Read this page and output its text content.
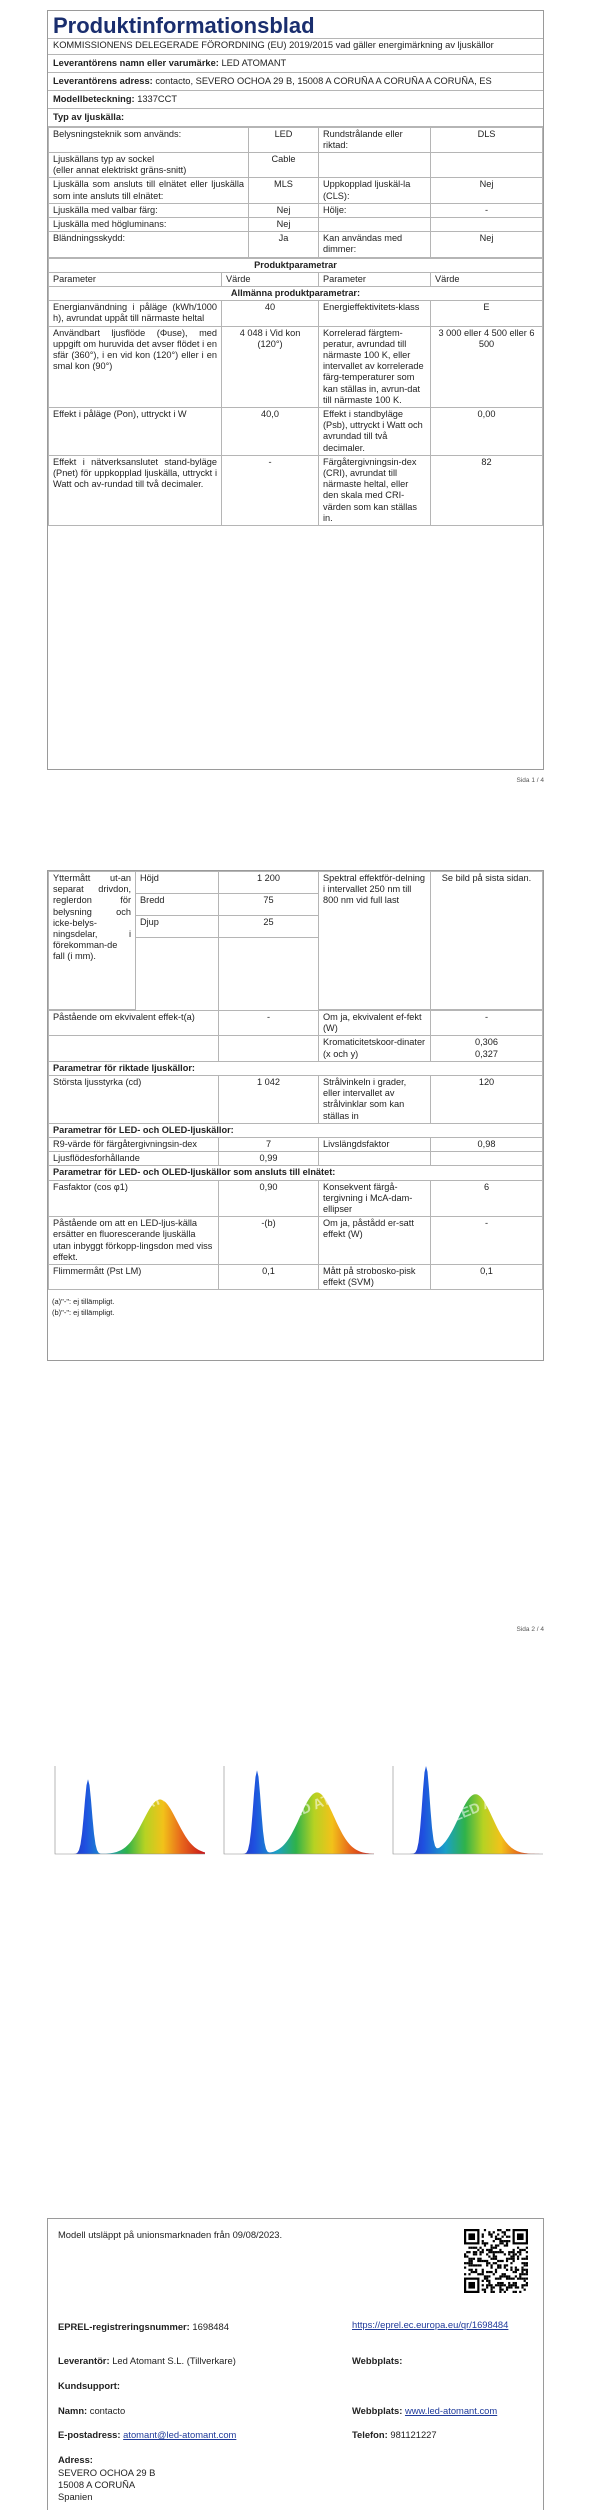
Produktinformationsblad
KOMMISSIONENS DELEGERADE FÖRORDNING (EU) 2019/2015 vad gäller energimärkning av ljuskällor
Leverantörens namn eller varumärke: LED ATOMANT
Leverantörens adress: contacto, SEVERO OCHOA 29 B, 15008 A CORUÑA A CORUÑA A CORUÑA, ES
Modellbeteckning: 1337CCT
Typ av ljuskälla:
Belysningsteknik som används:	LED	Rundstrålande eller riktad:	DLS
Ljuskällans typ av sockel
(eller annat elektriskt gräns-snitt)	Cable		
Ljuskälla som ansluts till elnätet eller ljuskälla som inte ansluts till elnätet:	MLS	Uppkopplad ljuskäl-la (CLS):	Nej
Ljuskälla med valbar färg:	Nej	Hölje:	-
Ljuskälla med högluminans:	Nej		
Bländningsskydd:	Ja	Kan användas med dimmer:	Nej
Produktparametrar			
Parameter	Värde	Parameter	Värde
Allmänna produktparametrar:			
Energianvändning i påläge (kWh/1000 h), avrundat uppåt till närmaste heltal	40	Energieffektivitets-klass	E
Användbart ljusflöde (Φuse), med uppgift om huruvida det avser flödet i en sfär (360°), i en vid kon (120°) eller i en smal kon (90°)	4 048 i Vid kon (120°)	Korrelerad färgtem-peratur, avrundad till närmaste 100 K, eller intervallet av korrelerade färg-temperaturer som kan ställas in, avrun-dat till närmaste 100 K.	3 000 eller 4 500 eller 6 500
Effekt i påläge (Pon), uttryckt i W	40,0	Effekt i standbyläge (Psb), uttryckt i Watt och avrundad till två decimaler.	0,00
Effekt i nätverksanslutet stand-byläge (Pnet) för uppkopplad ljuskälla, uttryckt i Watt och av-rundad till två decimaler.	-	Färgåtergivningsin-dex (CRI), avrundat till närmaste heltal, eller den skala med CRI-värden som kan ställas in.	82
Sida 1 / 4
Yttermått ut-an separat drivdon, reglerdon för belysning och icke-belys-ningsdelar, i förekomman-de fall (i mm).	Höjd	1 200	Spektral effektför-delning i intervallet 250 nm till 800 nm vid full last	Se bild på sista sidan.
	Bredd	75		
	Djup	25		

Påstående om ekvivalent effek-t(a)	-	Om ja, ekvivalent ef-fekt (W)	-
		Kromaticitetskoor-dinater (x och y)	0,306
0,327
Parametrar för riktade ljuskällor:			
Största ljusstyrka (cd)	1 042	Strålvinkeln i grader, eller intervallet av strålvinklar som kan ställas in	120
Parametrar för LED- och OLED-ljuskällor:			
R9-värde för färgåtergivningsin-dex	7	Livslängdsfaktor	0,98
Ljusflödesforhållande	0,99		
Parametrar för LED- och OLED-ljuskällor som ansluts till elnätet:			
Fasfaktor (cos φ1)	0,90	Konsekvent färgå-tergivning i McA-dam-ellipser	6
Påstående om att en LED-ljus-källa ersätter en fluorescerande ljuskälla utan inbyggt förkopp-lingsdon med viss effekt.	-(b)	Om ja, påstådd er-satt effekt (W)	-
Flimmermått (Pst LM)	0,1	Mått på strobosko-pisk effekt (SVM)	0,1
(a)"-": ej tillämpligt.
(b)"-": ej tillämpligt.
Sida 2 / 4
LED ATOMANT	LED ATOMANT	LED ATOMANT
Modell utsläppt på unionsmarknaden från 09/08/2023.
EPREL-registreringsnummer: 1698484	https://eprel.ec.europa.eu/qr/1698484
Leverantör: Led Atomant S.L. (Tillverkare)	Webbplats:
Kundsupport:
Namn: contacto	Webbplats: www.led-atomant.com
E-postadress: atomant@led-atomant.com	Telefon: 981121227
Adress:
SEVERO OCHOA 29 B
15008 A CORUÑA
Spanien
